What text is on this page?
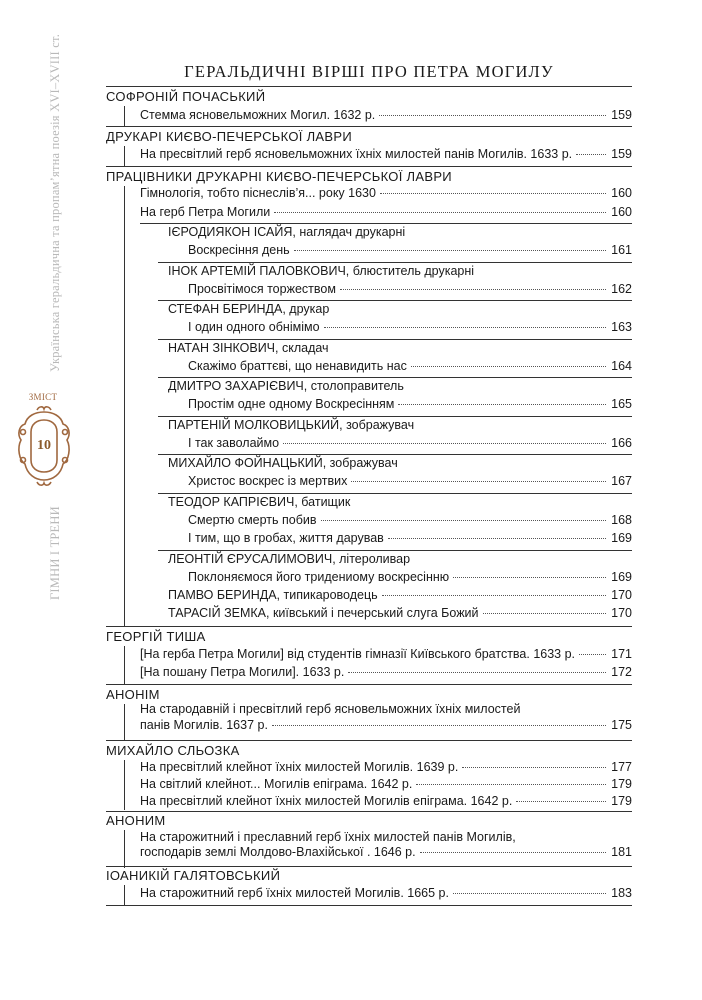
Українська геральдична та пропам’ятна поезія XVI–XVIII ст.
ЗМІСТ
10
ГІМНИ І ТРЕНИ
ГЕРАЛЬДИЧНІ ВІРШІ ПРО ПЕТРА МОГИЛУ
СОФРОНІЙ ПОЧАСЬКИЙ
Стемма ясновельможних Могил. 1632 р.	159
ДРУКАРІ КИЄВО-ПЕЧЕРСЬКОЇ ЛАВРИ
На пресвітлий герб ясновельможних їхніх милостей панів Могилів. 1633 р.	159
ПРАЦІВНИКИ ДРУКАРНІ КИЄВО-ПЕЧЕРСЬКОЇ ЛАВРИ
Гімнологія, тобто піснеслів’я... року 1630	160
На герб Петра Могили	160
ІЄРОДИЯКОН ІСАЙЯ, наглядач друкарні
Воскресіння день	161
ІНОК АРТЕМІЙ ПАЛОВКОВИЧ, блюститель друкарні
Просвітімося торжеством	162
СТЕФАН БЕРИНДА, друкар
І один одного обнімімо	163
НАТАН ЗІНКОВИЧ, складач
Скажімо браттєві, що ненавидить нас	164
ДМИТРО ЗАХАРІЄВИЧ, столоправитель
Простім одне одному Воскресінням	165
ПАРТЕНІЙ МОЛКОВИЦЬКИЙ, зображувач
І так заволаймо	166
МИХАЙЛО ФОЙНАЦЬКИЙ, зображувач
Христос воскрес із мертвих	167
ТЕОДОР КАПРІЄВИЧ, батищик
Смертю смерть побив	168
І тим, що в гробах, життя дарував	169
ЛЕОНТІЙ ЄРУСАЛИМОВИЧ, літероливар
Поклоняємося його тридениому воскресінню	169
ПАМВО БЕРИНДА, типикароводець	170
ТАРАСІЙ ЗЕМКА, київський і печерський слуга Божий	170
ГЕОРГІЙ ТИША
[На герба Петра Могили] від студентів гімназії Київського братства. 1633 р.	171
[На пошану Петра Могили]. 1633 р.	172
АНОНІМ
На стародавній і пресвітлий герб ясновельможних їхніх милостей
панів Могилів. 1637 р.	175
МИХАЙЛО СЛЬОЗКА
На пресвітлий клейнот їхніх милостей Могилів. 1639 р.	177
На світлий клейнот... Могилів епіграма. 1642 р.	179
На пресвітлий клейнот їхніх милостей Могилів епіграма. 1642 р.	179
АНОНИМ
На старожитний і преславний герб їхніх милостей панів Могилів,
господарів землі Молдово-Влахійської . 1646 р.	181
ІОАНИКІЙ ГАЛЯТОВСЬКИЙ
На старожитний герб їхніх милостей Могилів. 1665 р.	183
